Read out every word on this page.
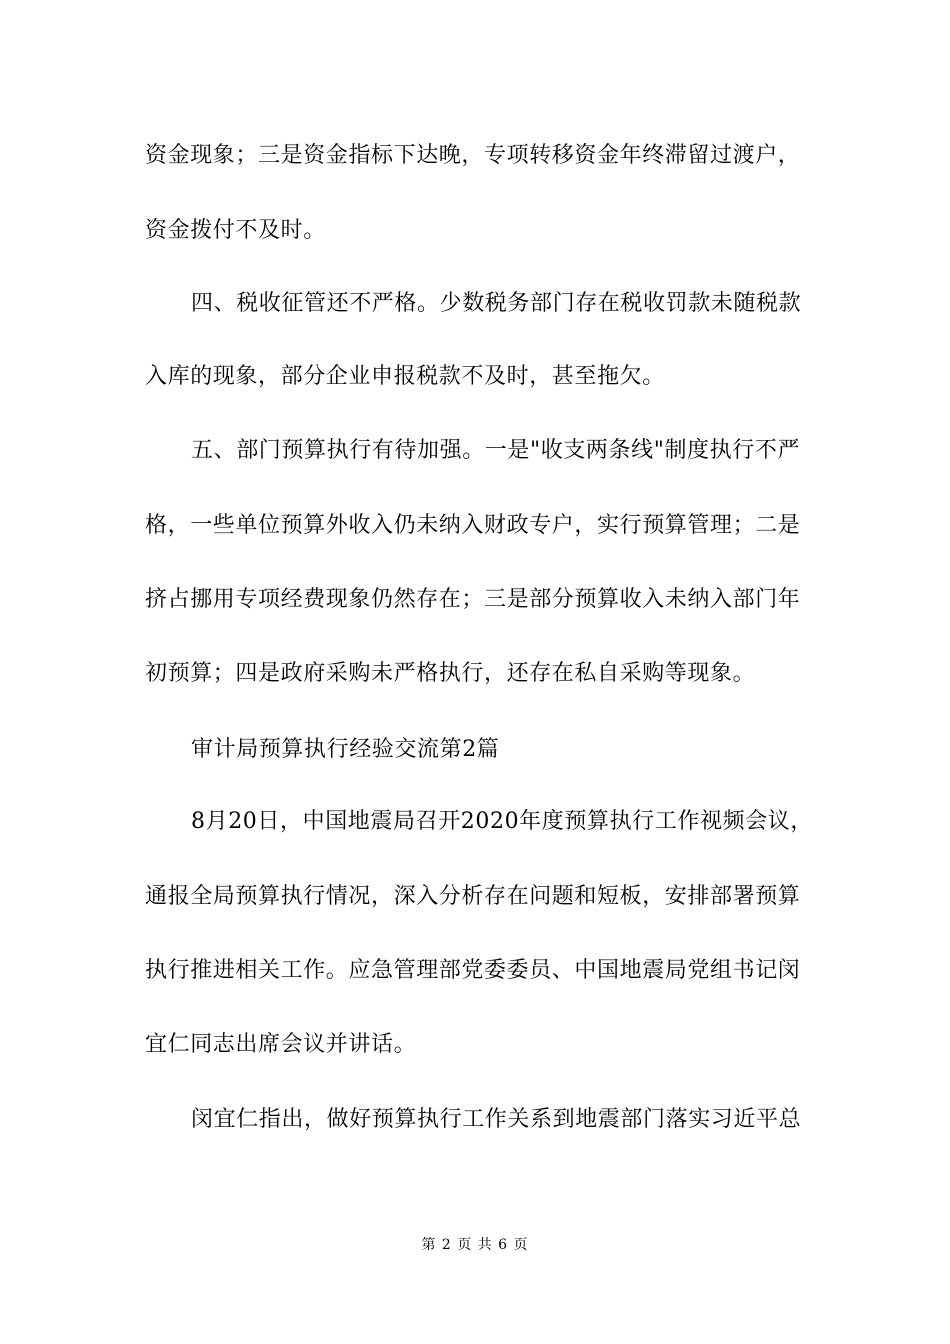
资金现象；三是资金指标下达晚，专项转移资金年终滞留过渡户，
资金拨付不及时。
四、税收征管还不严格。少数税务部门存在税收罚款未随税款
入库的现象，部分企业申报税款不及时，甚至拖欠。
五、部门预算执行有待加强。一是"收支两条线"制度执行不严
格，一些单位预算外收入仍未纳入财政专户，实行预算管理；二是
挤占挪用专项经费现象仍然存在；三是部分预算收入未纳入部门年
初预算；四是政府采购未严格执行，还存在私自采购等现象。
审计局预算执行经验交流第2篇
8月20日，中国地震局召开2020年度预算执行工作视频会议，
通报全局预算执行情况，深入分析存在问题和短板，安排部署预算
执行推进相关工作。应急管理部党委委员、中国地震局党组书记闵
宜仁同志出席会议并讲话。
闵宜仁指出，做好预算执行工作关系到地震部门落实习近平总
第 2 页 共 6 页
